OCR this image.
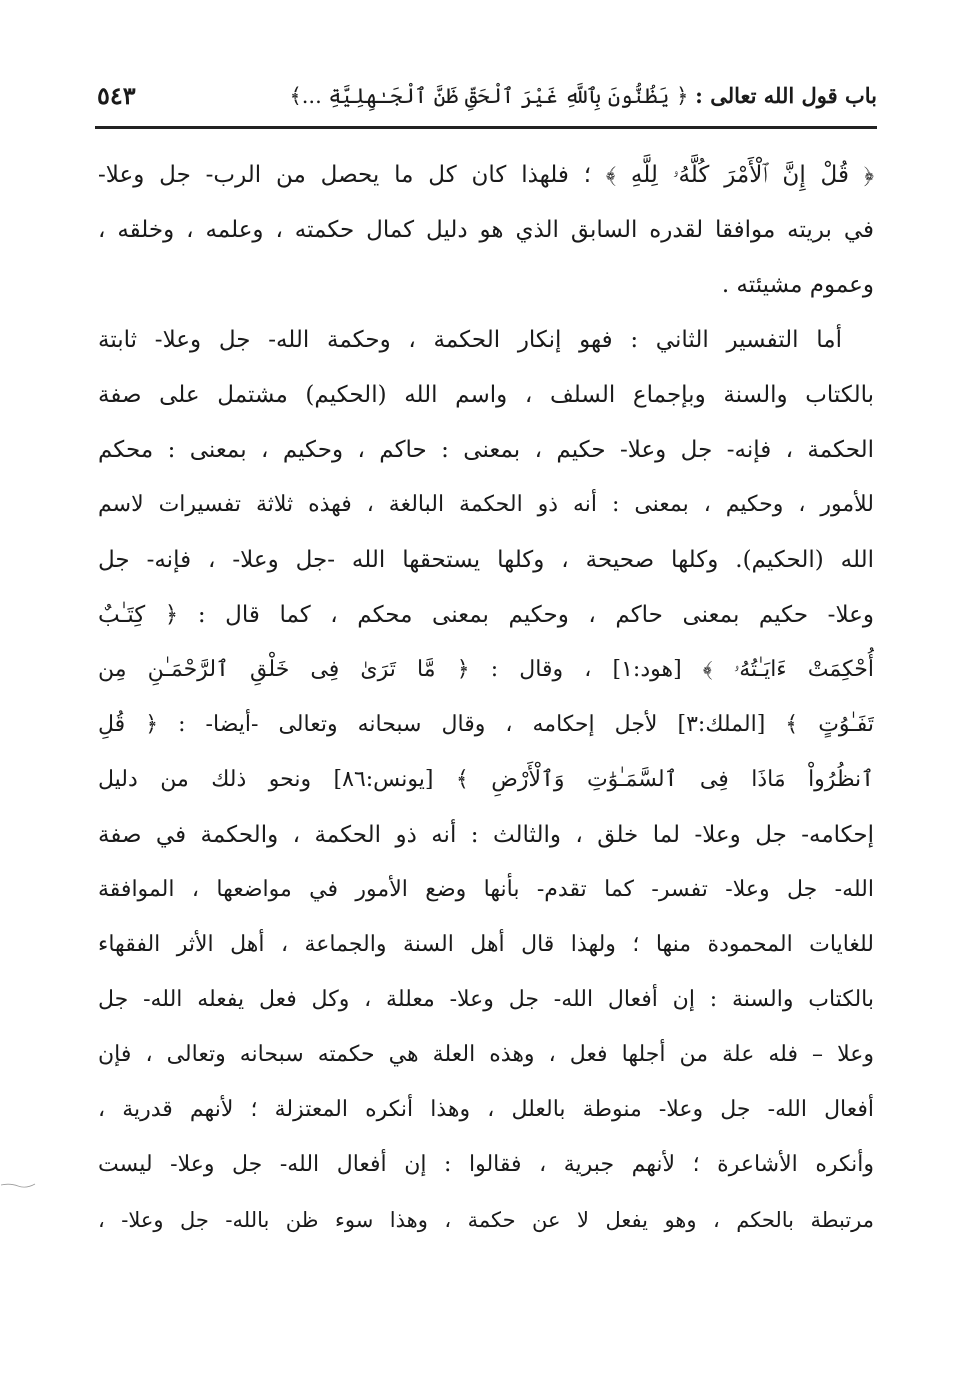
باب قول الله تعالى : ﴿ يَظُنُّونَ بِٱللَّهِ غَيْرَ ٱلْحَقِّ ظَنَّ ٱلْجَـٰهِلِيَّةِ ...﴾
٥٤٣
﴿ قُلْ إِنَّ ٱلْأَمْرَ كُلَّهُۥ لِلَّهِ ﴾ ؛ فلهذا كان كل ما يحصل من الرب- جل وعلا-
في بريته موافقا لقدره السابق الذي هو دليل كمال حكمته ، وعلمه ، وخلقه ،
وعموم مشيئته .
أما التفسير الثاني : فهو إنكار الحكمة ، وحكمة الله- جل وعلا- ثابتة
بالكتاب والسنة وبإجماع السلف ، واسم الله (الحكيم) مشتمل على صفة
الحكمة ، فإنه- جل وعلا- حكيم ، بمعنى : حاكم ، وحكيم ، بمعنى : محكم
للأمور ، وحكيم ، بمعنى : أنه ذو الحكمة البالغة ، فهذه ثلاثة تفسيرات لاسم
الله (الحكيم). وكلها صحيحة ، وكلها يستحقها الله -جل وعلا- ، فإنه- جل
وعلا- حكيم بمعنى حاكم ، وحكيم بمعنى محكم ، كما قال : ﴿ كِتَـٰبٌ
أُحْكِمَتْ ءَايَـٰتُهُۥ ﴾ [هود:١] ، وقال : ﴿ مَّا تَرَىٰ فِى خَلْقِ ٱلرَّحْمَـٰنِ مِن
تَفَـٰوُتٍ ﴾ [الملك:٣] لأجل إحكامه ، وقال سبحانه وتعالى -أيضا- : ﴿ قُلِ
ٱنظُرُواْ مَاذَا فِى ٱلسَّمَـٰوَٰتِ وَٱلْأَرْضِ ﴾ [يونس:٨٦] ونحو ذلك من دليل
إحكامه- جل وعلا- لما خلق ، والثالث : أنه ذو الحكمة ، والحكمة في صفة
الله- جل وعلا- تفسر- كما تقدم- بأنها وضع الأمور في مواضعها ، الموافقة
للغايات المحمودة منها ؛ ولهذا قال أهل السنة والجماعة ، أهل الأثر الفقهاء
بالكتاب والسنة : إن أفعال الله- جل وعلا- معللة ، وكل فعل يفعله الله- جل
وعلا – فله علة من أجلها فعل ، وهذه العلة هي حكمته سبحانه وتعالى ، فإن
أفعال الله- جل وعلا- منوطة بالعلل ، وهذا أنكره المعتزلة ؛ لأنهم قدرية ،
وأنكره الأشاعرة ؛ لأنهم جبرية ، فقالوا : إن أفعال الله- جل وعلا- ليست
مرتبطة بالحكم ، وهو يفعل لا عن حكمة ، وهذا سوء ظن بالله- جل وعلا- ،
